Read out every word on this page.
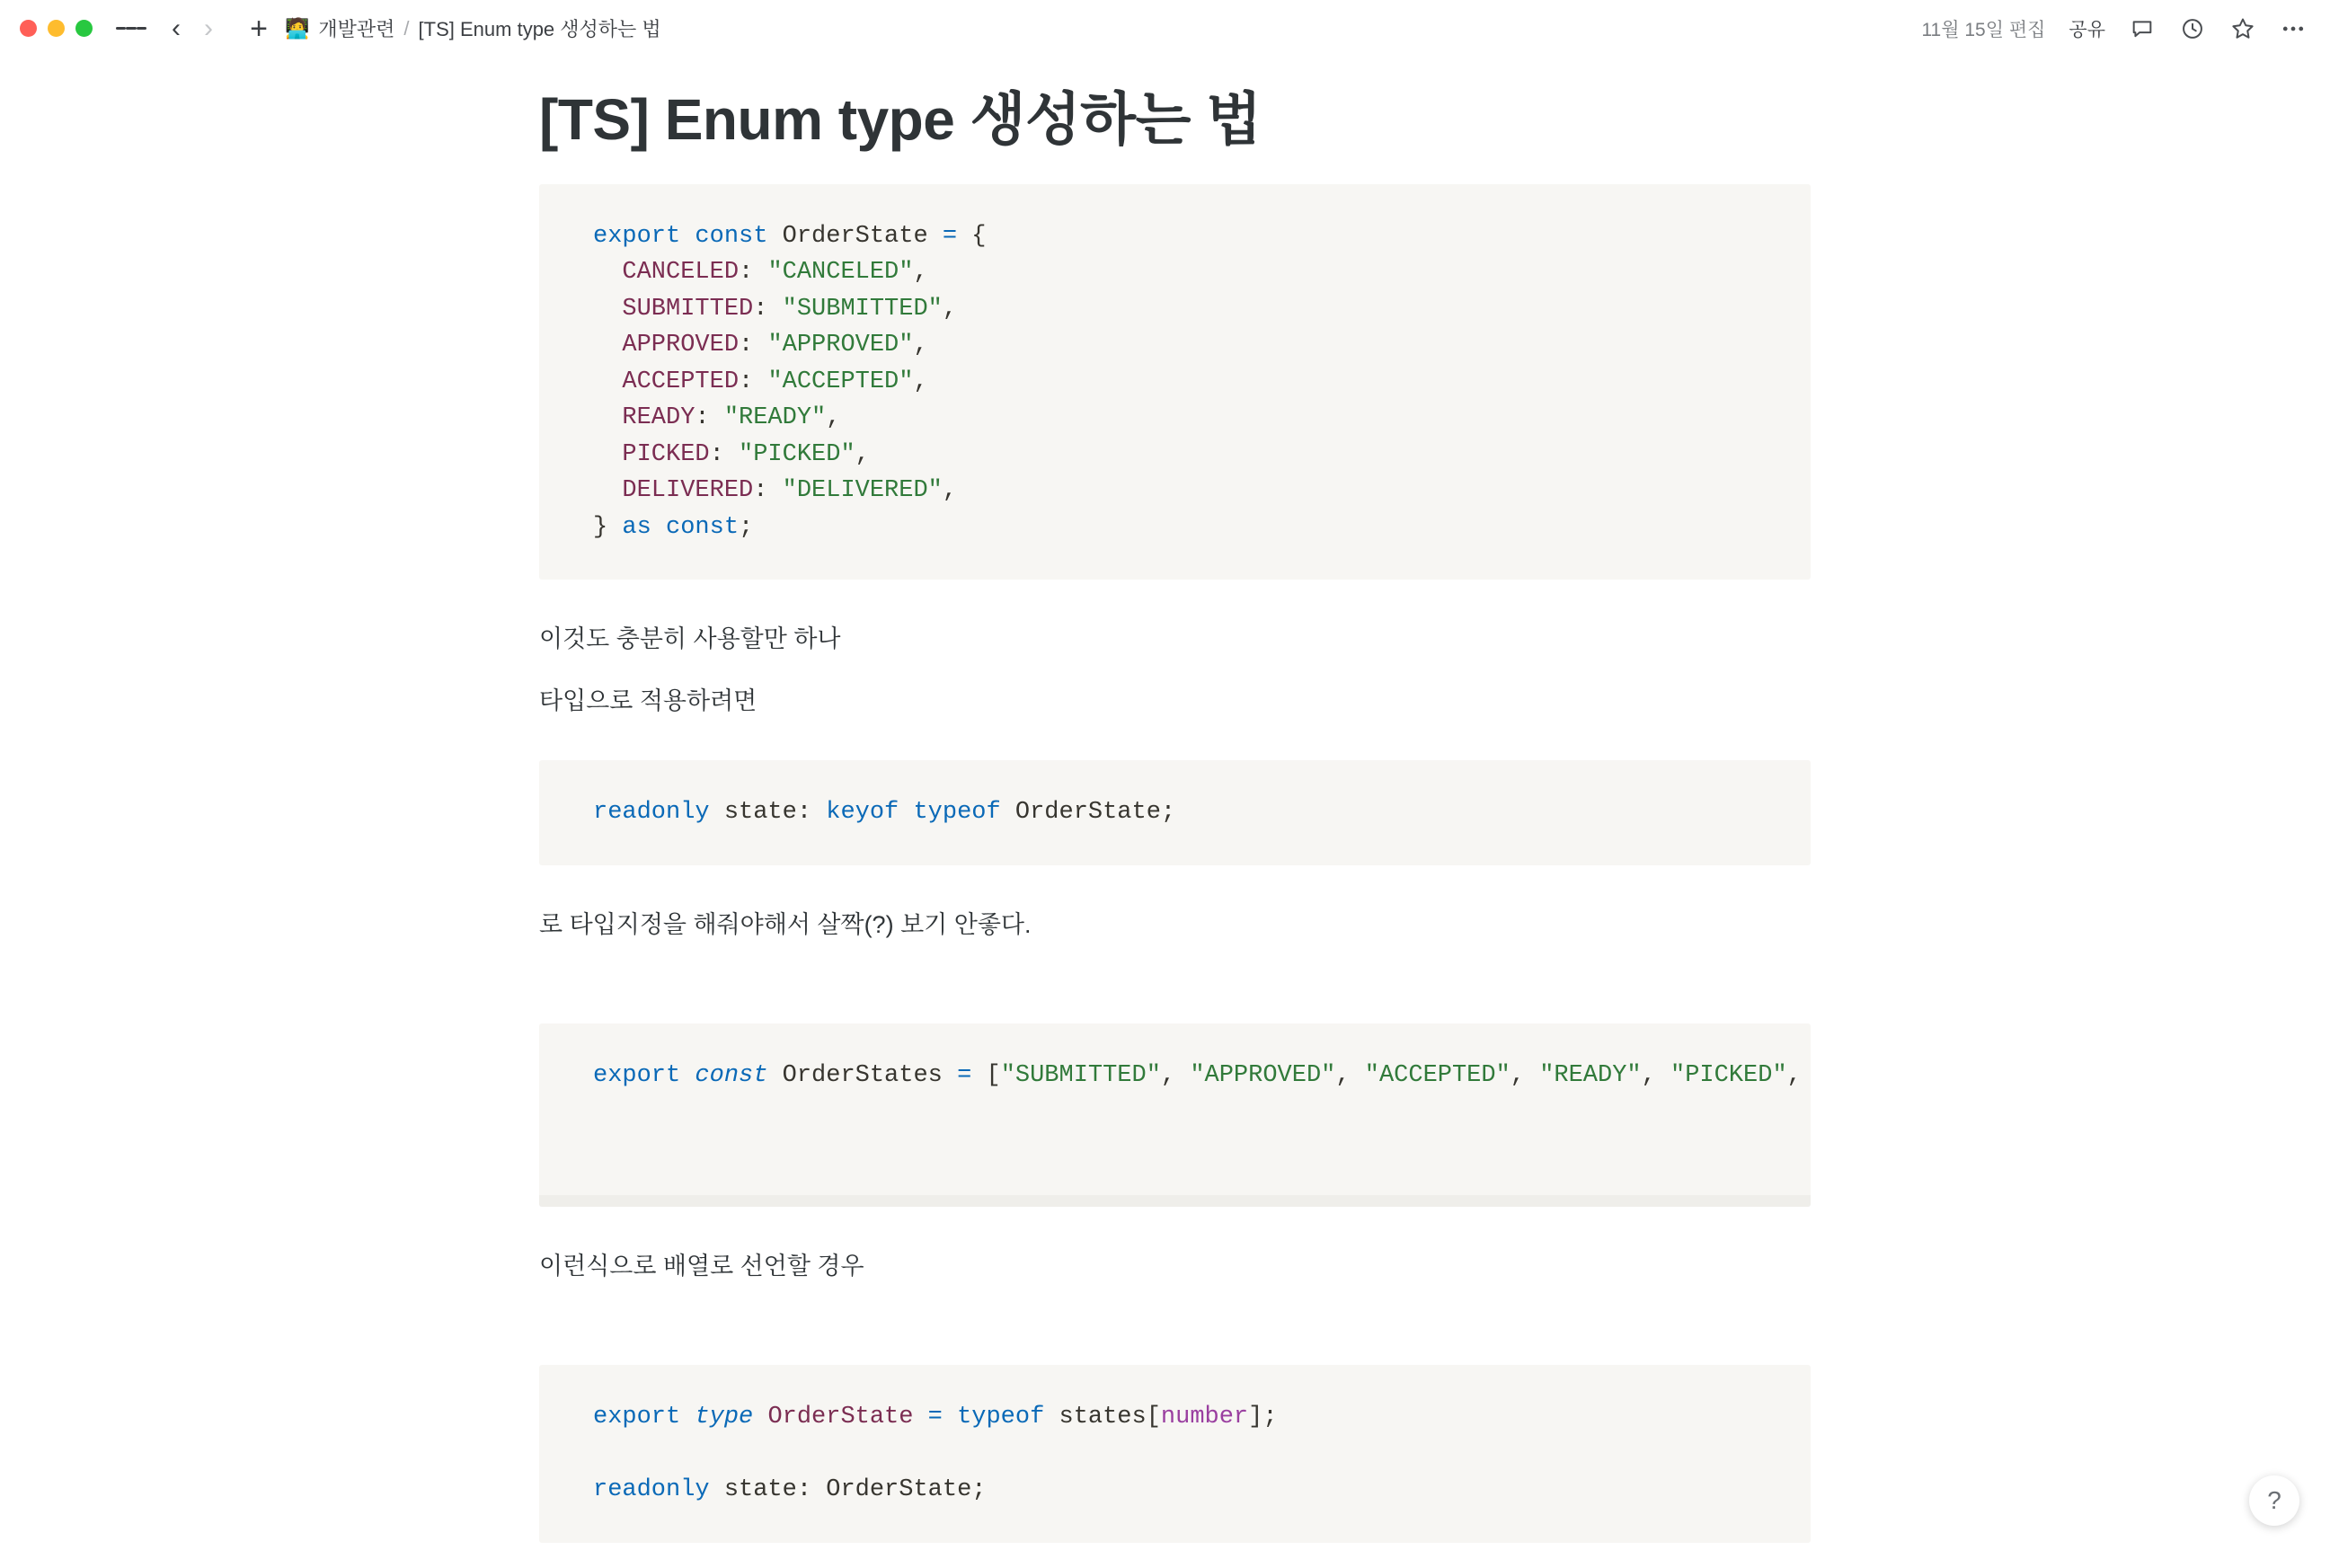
‹ › + 🧑‍💻 개발관련 / [TS] Enum type 생성하는 법	11월 15일 편집 공유
[TS] Enum type 생성하는 법
export const OrderState = {
CANCELED: "CANCELED",
SUBMITTED: "SUBMITTED",
APPROVED: "APPROVED",
ACCEPTED: "ACCEPTED",
READY: "READY",
PICKED: "PICKED",
DELIVERED: "DELIVERED",
} as const;

이것도 충분히 사용할만 하나

타입으로 적용하려면

readonly state: keyof typeof OrderState;

로 타입지정을 해줘야해서 살짝(?) 보기 안좋다.

export const OrderStates = ["SUBMITTED", "APPROVED", "ACCEPTED", "READY", "PICKED",

이런식으로 배열로 선언할 경우

export type OrderState = typeof states[number];

readonly state: OrderState;	?
